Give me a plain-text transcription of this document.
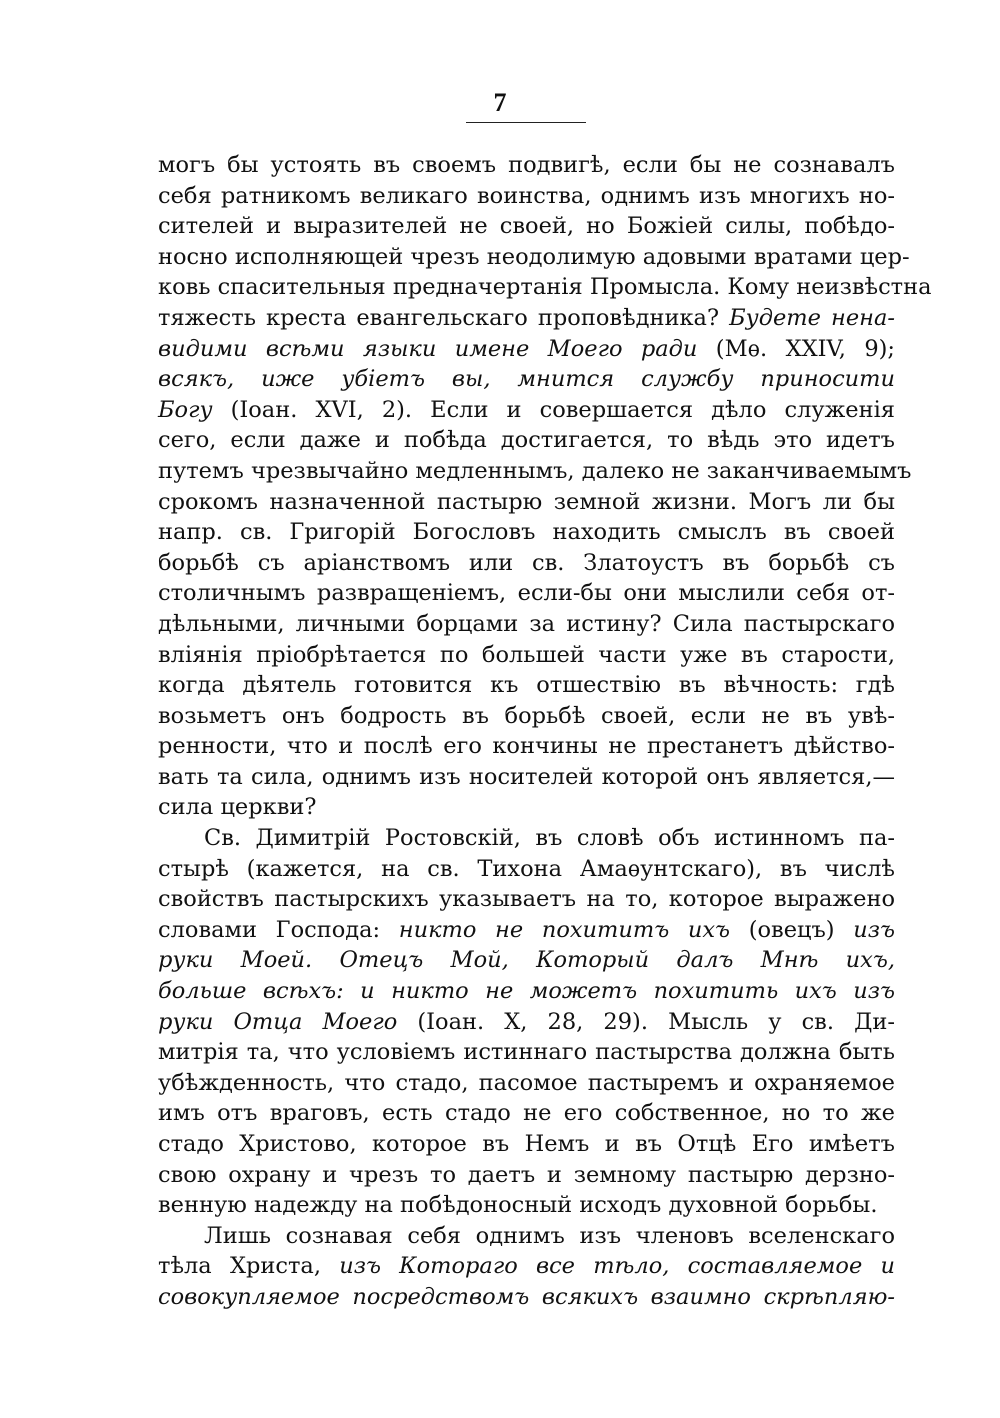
7
могъ бы устоять въ своемъ подвигѣ, если бы не сознавалъ
себя ратникомъ великаго воинства, однимъ изъ многихъ но-
сителей и выразителей не своей, но Божіей силы, побѣдо-
носно исполняющей чрезъ неодолимую адовыми вратами цер-
ковь спасительныя предначертанія Промысла. Кому неизвѣстна
тяжесть креста евангельскаго проповѣдника? Будете нена-
видими всѣми языки имене Моего ради (Мѳ. XXIV, 9);
всякъ, иже убіетъ вы, мнится службу приносити
Богу (Іоан. XVI, 2). Если и совершается дѣло служенія
сего, если даже и побѣда достигается, то вѣдь это идетъ
путемъ чрезвычайно медленнымъ, далеко не заканчиваемымъ
срокомъ назначенной пастырю земной жизни. Могъ ли бы
напр. св. Григорій Богословъ находить смыслъ въ своей
борьбѣ съ аріанствомъ или св. Златоустъ въ борьбѣ съ
столичнымъ развращеніемъ, если-бы они мыслили себя от-
дѣльными, личными борцами за истину? Сила пастырскаго
вліянія пріобрѣтается по большей части уже въ старости,
когда дѣятель готовится къ отшествію въ вѣчность: гдѣ
возьметъ онъ бодрость въ борьбѣ своей, если не въ увѣ-
ренности, что и послѣ его кончины не престанетъ дѣйство-
вать та сила, однимъ изъ носителей которой онъ является,—
сила церкви?
Св. Димитрій Ростовскій, въ словѣ объ истинномъ па-
стырѣ (кажется, на св. Тихона Амаѳунтскаго), въ числѣ
свойствъ пастырскихъ указываетъ на то, которое выражено
словами Господа: никто не похититъ ихъ (овецъ) изъ
руки Моей. Отецъ Мой, Который далъ Мнѣ ихъ,
больше всѣхъ: и никто не можетъ похитить ихъ изъ
руки Отца Моего (Іоан. X, 28, 29). Мысль у св. Ди-
митрія та, что условіемъ истиннаго пастырства должна быть
убѣжденность, что стадо, пасомое пастыремъ и охраняемое
имъ отъ враговъ, есть стадо не его собственное, но то же
стадо Христово, которое въ Немъ и въ Отцѣ Его имѣетъ
свою охрану и чрезъ то даетъ и земному пастырю дерзно-
венную надежду на побѣдоносный исходъ духовной борьбы.
Лишь сознавая себя однимъ изъ членовъ вселенскаго
тѣла Христа, изъ Котораго все тѣло, составляемое и
совокупляемое посредствомъ всякихъ взаимно скрѣпляю-
